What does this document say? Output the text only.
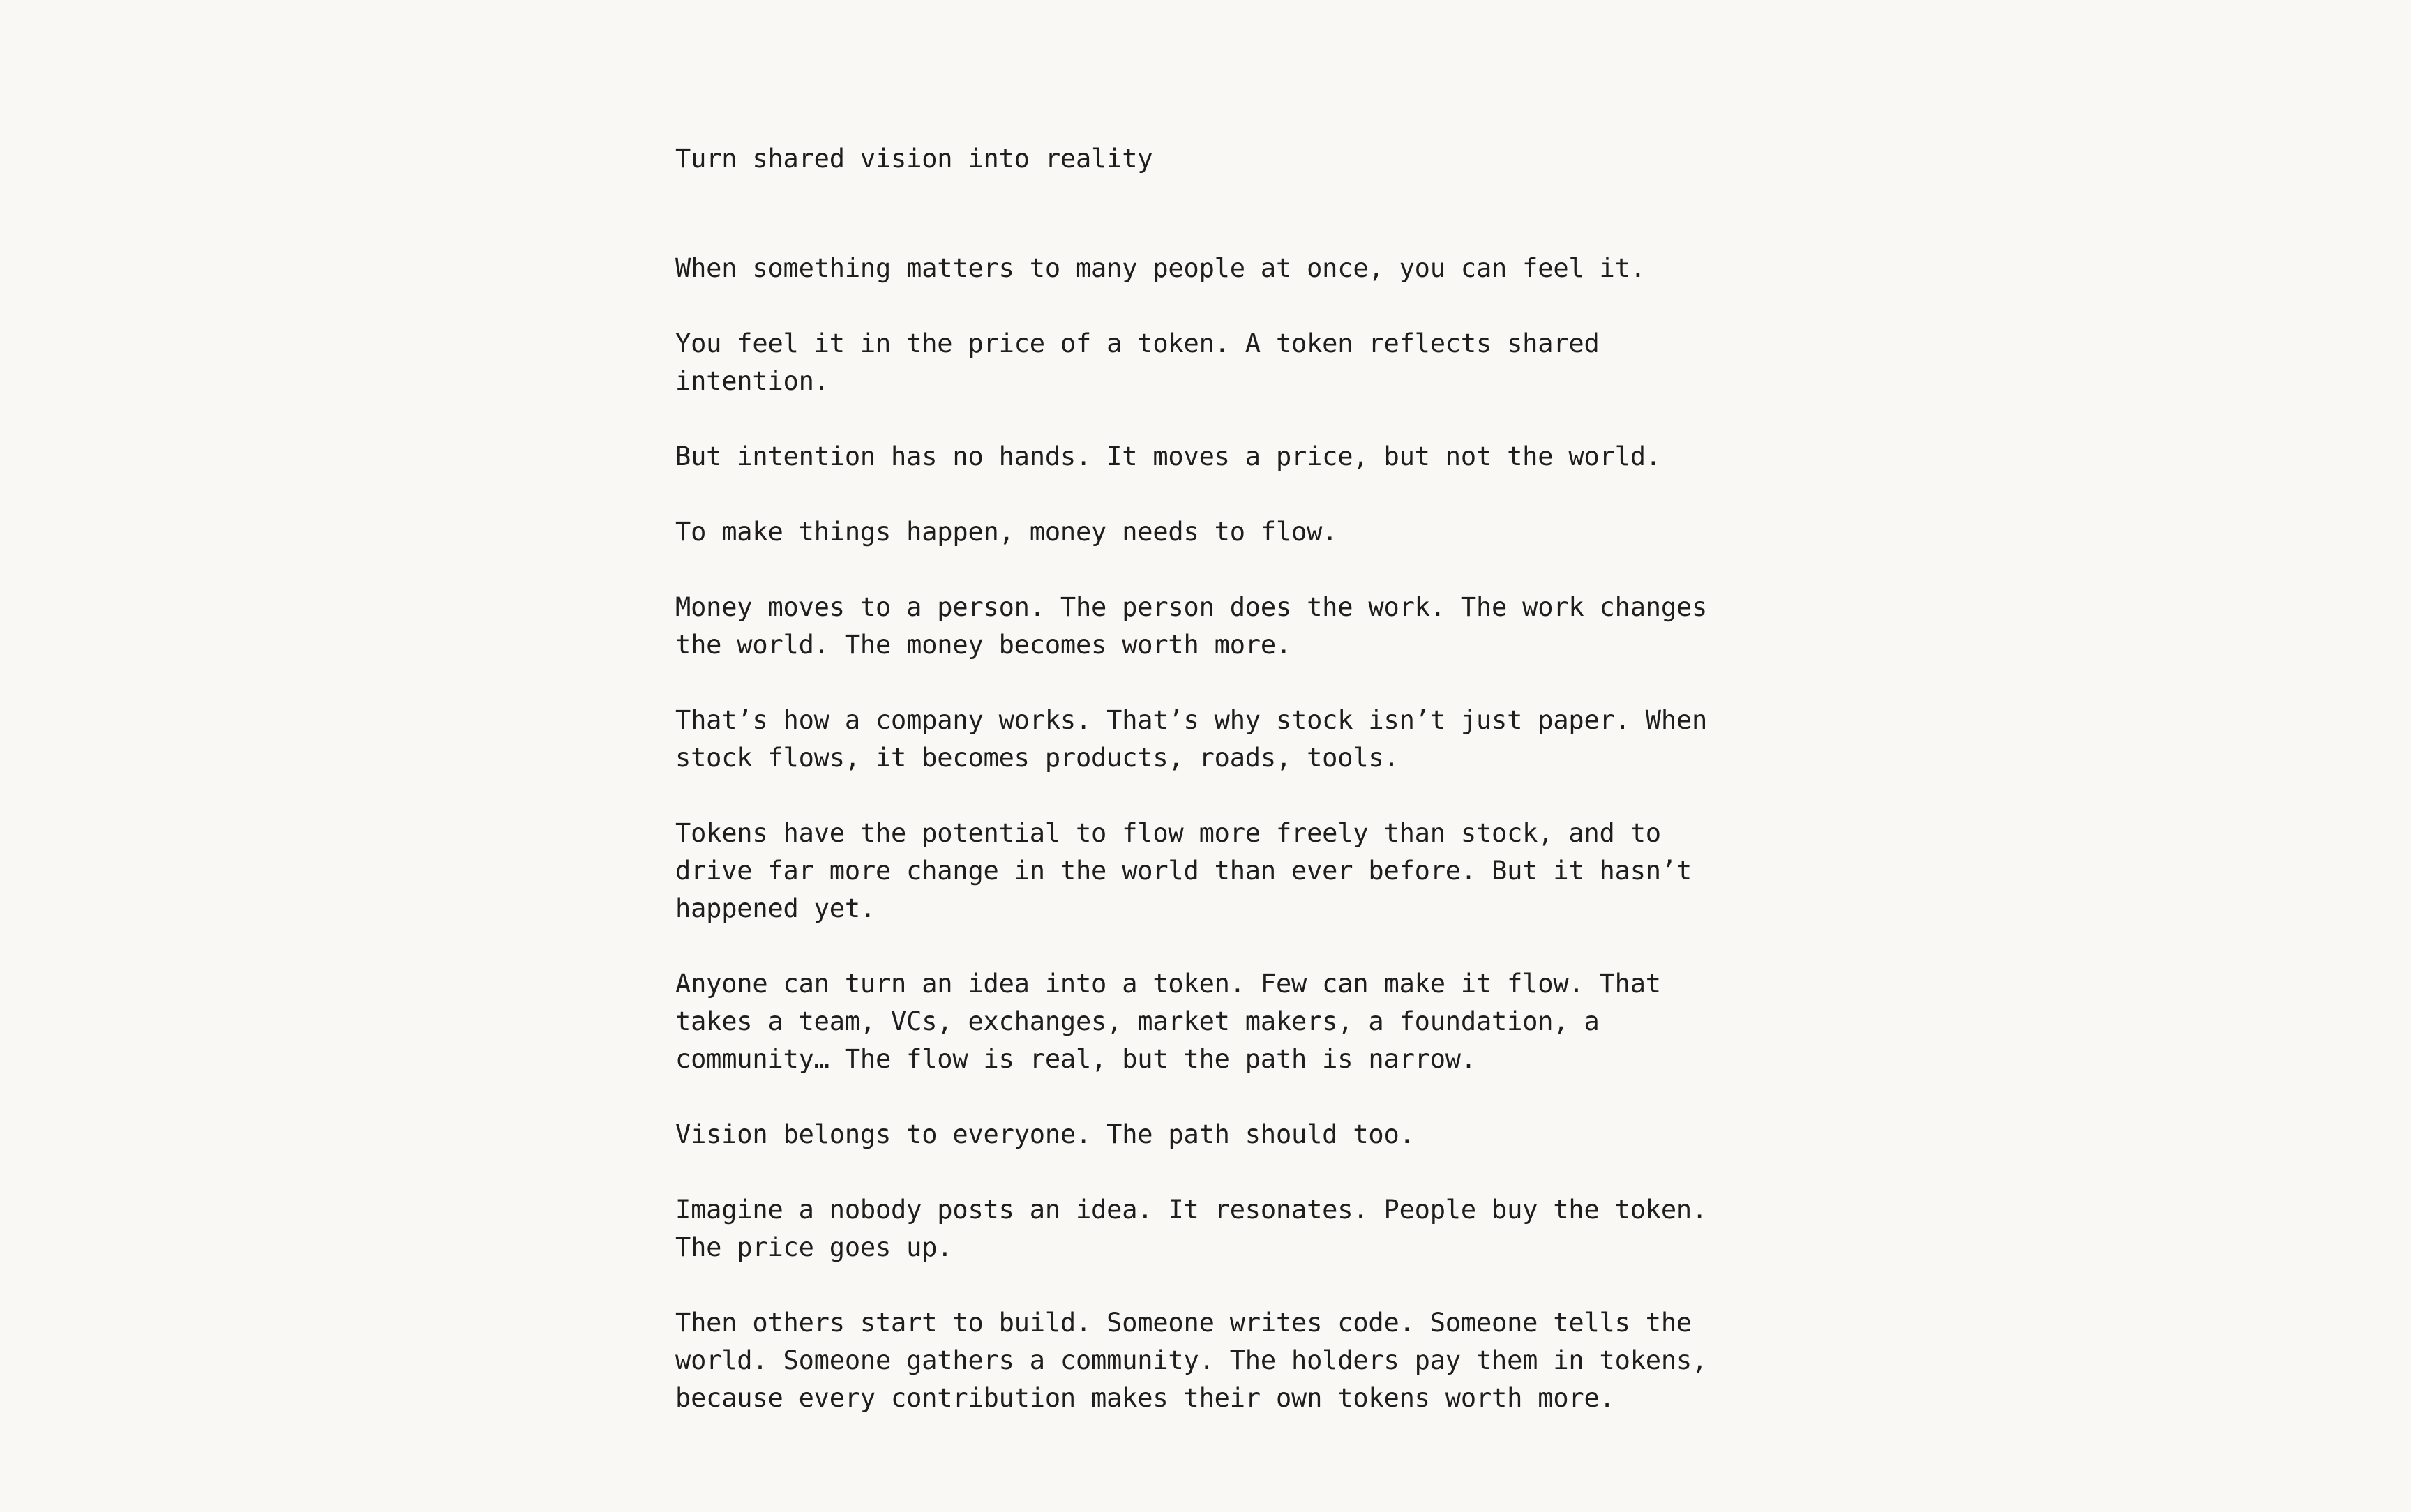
Turn shared vision into reality

When something matters to many people at once, you can feel it.

You feel it in the price of a token. A token reflects shared intention.

But intention has no hands. It moves a price, but not the world.

To make things happen, money needs to flow.

Money moves to a person. The person does the work. The work changes the world. The money becomes worth more.

That’s how a company works. That’s why stock isn’t just paper. When stock flows, it becomes products, roads, tools.

Tokens have the potential to flow more freely than stock, and to drive far more change in the world than ever before. But it hasn’t happened yet.

Anyone can turn an idea into a token. Few can make it flow. That takes a team, VCs, exchanges, market makers, a foundation, a community… The flow is real, but the path is narrow.

Vision belongs to everyone. The path should too.

Imagine a nobody posts an idea. It resonates. People buy the token. The price goes up.

Then others start to build. Someone writes code. Someone tells the world. Someone gathers a community. The holders pay them in tokens, because every contribution makes their own tokens worth more.
